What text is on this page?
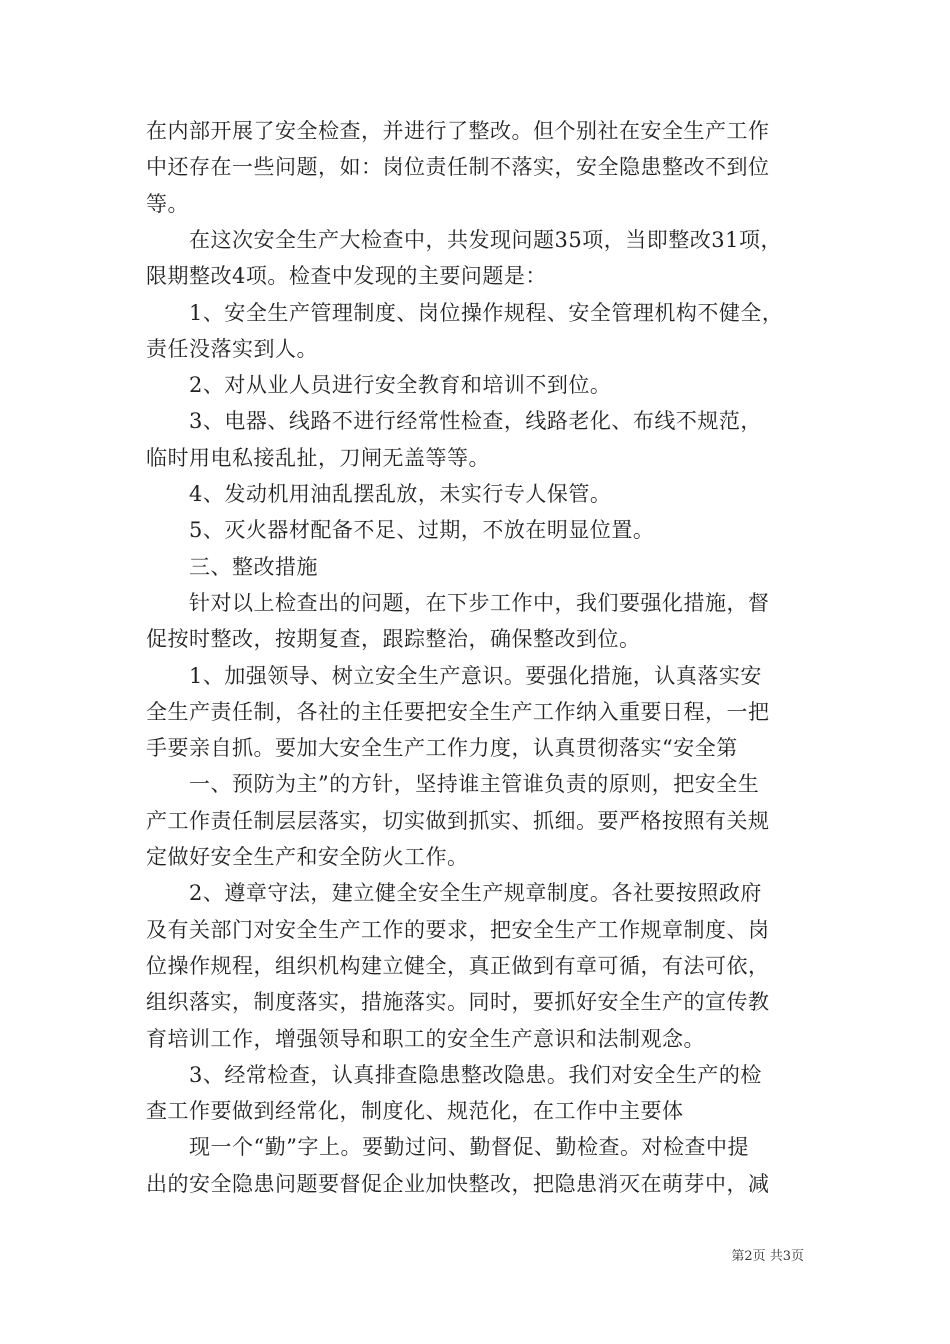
在内部开展了安全检查，并进行了整改。但个别社在安全生产工作
中还存在一些问题，如：岗位责任制不落实，安全隐患整改不到位
等。
　　在这次安全生产大检查中，共发现问题35项，当即整改31项，
限期整改4项。检查中发现的主要问题是：
　　1、安全生产管理制度、岗位操作规程、安全管理机构不健全，
责任没落实到人。
　　2、对从业人员进行安全教育和培训不到位。
　　3、电器、线路不进行经常性检查，线路老化、布线不规范，
临时用电私接乱扯，刀闸无盖等等。
　　4、发动机用油乱摆乱放，未实行专人保管。
　　5、灭火器材配备不足、过期，不放在明显位置。
　　三、整改措施
　　针对以上检查出的问题，在下步工作中，我们要强化措施，督
促按时整改，按期复查，跟踪整治，确保整改到位。
　　1、加强领导、树立安全生产意识。要强化措施，认真落实安
全生产责任制，各社的主任要把安全生产工作纳入重要日程，一把
手要亲自抓。要加大安全生产工作力度，认真贯彻落实“安全第
　　一、预防为主”的方针，坚持谁主管谁负责的原则，把安全生
产工作责任制层层落实，切实做到抓实、抓细。要严格按照有关规
定做好安全生产和安全防火工作。
　　2、遵章守法，建立健全安全生产规章制度。各社要按照政府
及有关部门对安全生产工作的要求，把安全生产工作规章制度、岗
位操作规程，组织机构建立健全，真正做到有章可循，有法可依，
组织落实，制度落实，措施落实。同时，要抓好安全生产的宣传教
育培训工作，增强领导和职工的安全生产意识和法制观念。
　　3、经常检查，认真排查隐患整改隐患。我们对安全生产的检
查工作要做到经常化，制度化、规范化，在工作中主要体
　　现一个“勤”字上。要勤过问、勤督促、勤检查。对检查中提
出的安全隐患问题要督促企业加快整改，把隐患消灭在萌芽中，减
第2页 共3页
